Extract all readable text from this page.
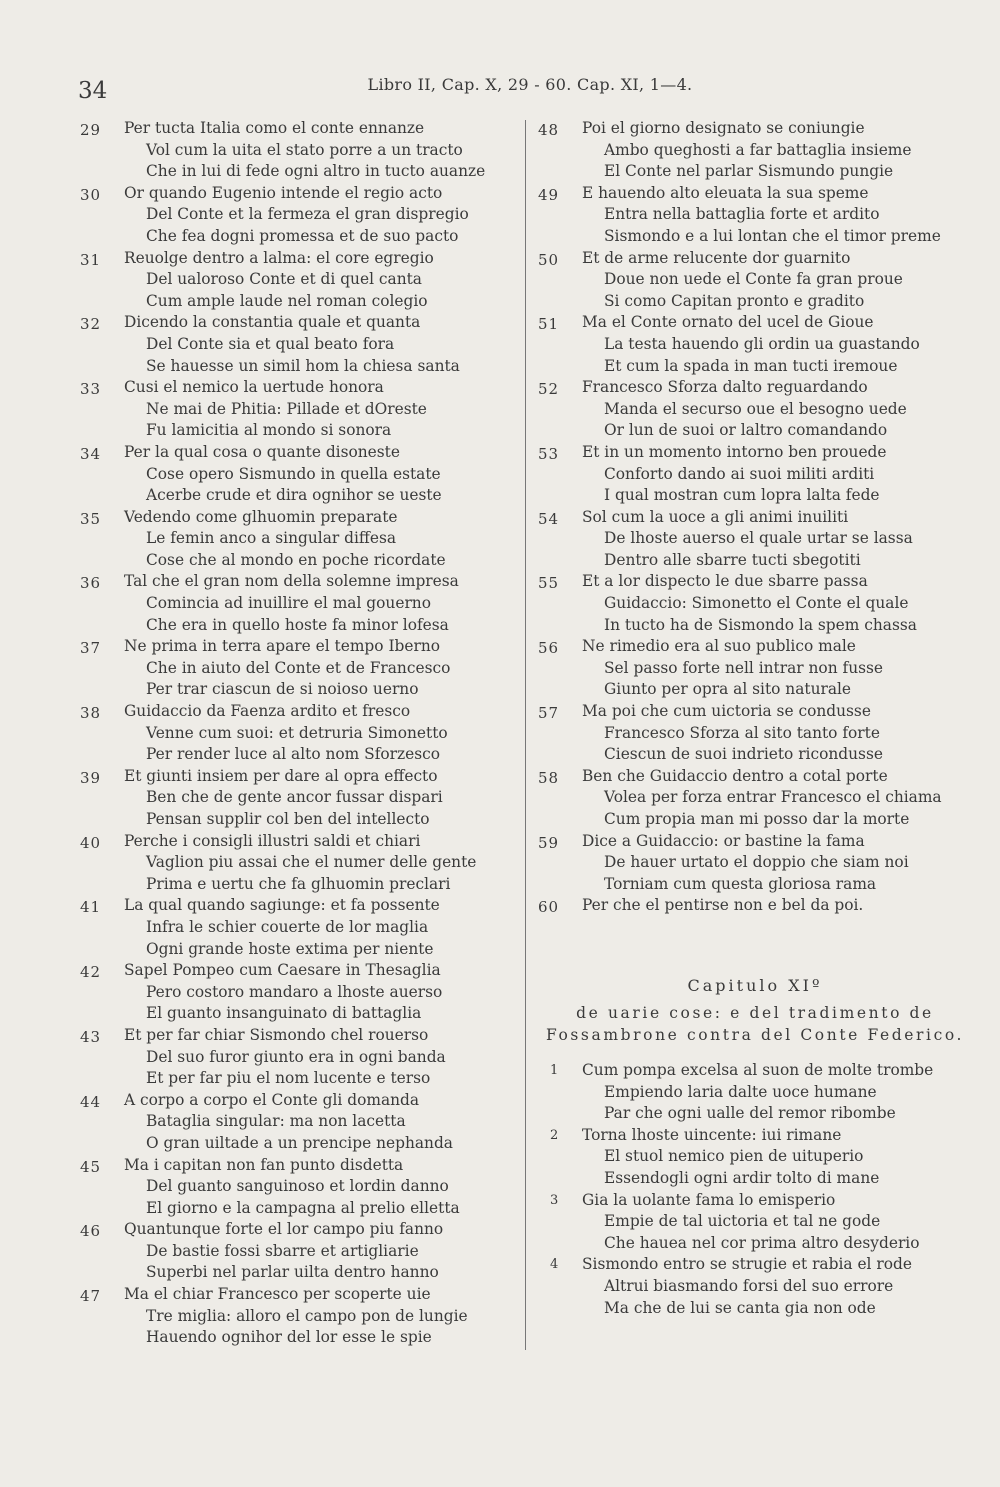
34	Libro II, Cap. X, 29 - 60. Cap. XI, 1—4.
29 Per tucta Italia como el conte ennanze
Vol cum la uita el stato porre a un tracto
Che in lui di fede ogni altro in tucto auanze
30 Or quando Eugenio intende el regio acto
Del Conte et la fermeza el gran dispregio
Che fea dogni promessa et de suo pacto
31 Reuolge dentro a lalma: el core egregio
Del ualoroso Conte et di quel canta
Cum ample laude nel roman colegio
32 Dicendo la constantia quale et quanta
Del Conte sia et qual beato fora
Se hauesse un simil hom la chiesa santa
33 Cusi el nemico la uertude honora
Ne mai de Phitia: Pillade et dOreste
Fu lamicitia al mondo si sonora
34 Per la qual cosa o quante disoneste
Cose opero Sismundo in quella estate
Acerbe crude et dira ognihor se ueste
35 Vedendo come glhuomin preparate
Le femin anco a singular diffesa
Cose che al mondo en poche ricordate
36 Tal che el gran nom della solemne impresa
Comincia ad inuillire el mal gouerno
Che era in quello hoste fa minor lofesa
37 Ne prima in terra apare el tempo Iberno
Che in aiuto del Conte et de Francesco
Per trar ciascun de si noioso uerno
38 Guidaccio da Faenza ardito et fresco
Venne cum suoi: et detruria Simonetto
Per render luce al alto nom Sforzesco
39 Et giunti insiem per dare al opra effecto
Ben che de gente ancor fussar dispari
Pensan supplir col ben del intellecto
40 Perche i consigli illustri saldi et chiari
Vaglion piu assai che el numer delle gente
Prima e uertu che fa glhuomin preclari
41 La qual quando sagiunge: et fa possente
Infra le schier couerte de lor maglia
Ogni grande hoste extima per niente
42 Sapel Pompeo cum Caesare in Thesaglia
Pero costoro mandaro a lhoste auerso
El guanto insanguinato di battaglia
43 Et per far chiar Sismondo chel rouerso
Del suo furor giunto era in ogni banda
Et per far piu el nom lucente e terso
44 A corpo a corpo el Conte gli domanda
Bataglia singular: ma non lacetta
O gran uiltade a un prencipe nephanda
45 Ma i capitan non fan punto disdetta
Del guanto sanguinoso et lordin danno
El giorno e la campagna al prelio elletta
46 Quantunque forte el lor campo piu fanno
De bastie fossi sbarre et artigliarie
Superbi nel parlar uilta dentro hanno
47 Ma el chiar Francesco per scoperte uie
Tre miglia: alloro el campo pon de lungie
Hauendo ognihor del lor esse le spie
48 Poi el giorno designato se coniungie
Ambo queghosti a far battaglia insieme
El Conte nel parlar Sismundo pungie
49 E hauendo alto eleuata la sua speme
Entra nella battaglia forte et ardito
Sismondo e a lui lontan che el timor preme
50 Et de arme relucente dor guarnito
Doue non uede el Conte fa gran proue
Si como Capitan pronto e gradito
51 Ma el Conte ornato del ucel de Gioue
La testa hauendo gli ordin ua guastando
Et cum la spada in man tucti iremoue
52 Francesco Sforza dalto reguardando
Manda el securso oue el besogno uede
Or lun de suoi or laltro comandando
53 Et in un momento intorno ben prouede
Conforto dando ai suoi militi arditi
I qual mostran cum lopra lalta fede
54 Sol cum la uoce a gli animi inuiliti
De lhoste auerso el quale urtar se lassa
Dentro alle sbarre tucti sbegotiti
55 Et a lor dispecto le due sbarre passa
Guidaccio: Simonetto el Conte el quale
In tucto ha de Sismondo la spem chassa
56 Ne rimedio era al suo publico male
Sel passo forte nell intrar non fusse
Giunto per opra al sito naturale
57 Ma poi che cum uictoria se condusse
Francesco Sforza al sito tanto forte
Ciescun de suoi indrieto ricondusse
58 Ben che Guidaccio dentro a cotal porte
Volea per forza entrar Francesco el chiama
Cum propia man mi posso dar la morte
59 Dice a Guidaccio: or bastine la fama
De hauer urtato el doppio che siam noi
Torniam cum questa gloriosa rama
60 Per che el pentirse non e bel da poi.
Capitulo XIº
de uarie cose: e del tradimento de
Fossambrone contra del Conte Federico.
1 Cum pompa excelsa al suon de molte trombe
Empiendo laria dalte uoce humane
Par che ogni ualle del remor ribombe
2 Torna lhoste uincente: iui rimane
El stuol nemico pien de uituperio
Essendogli ogni ardir tolto di mane
3 Gia la uolante fama lo emisperio
Empie de tal uictoria et tal ne gode
Che hauea nel cor prima altro desyderio
4 Sismondo entro se strugie et rabia el rode
Altrui biasmando forsi del suo errore
Ma che de lui se canta gia non ode
